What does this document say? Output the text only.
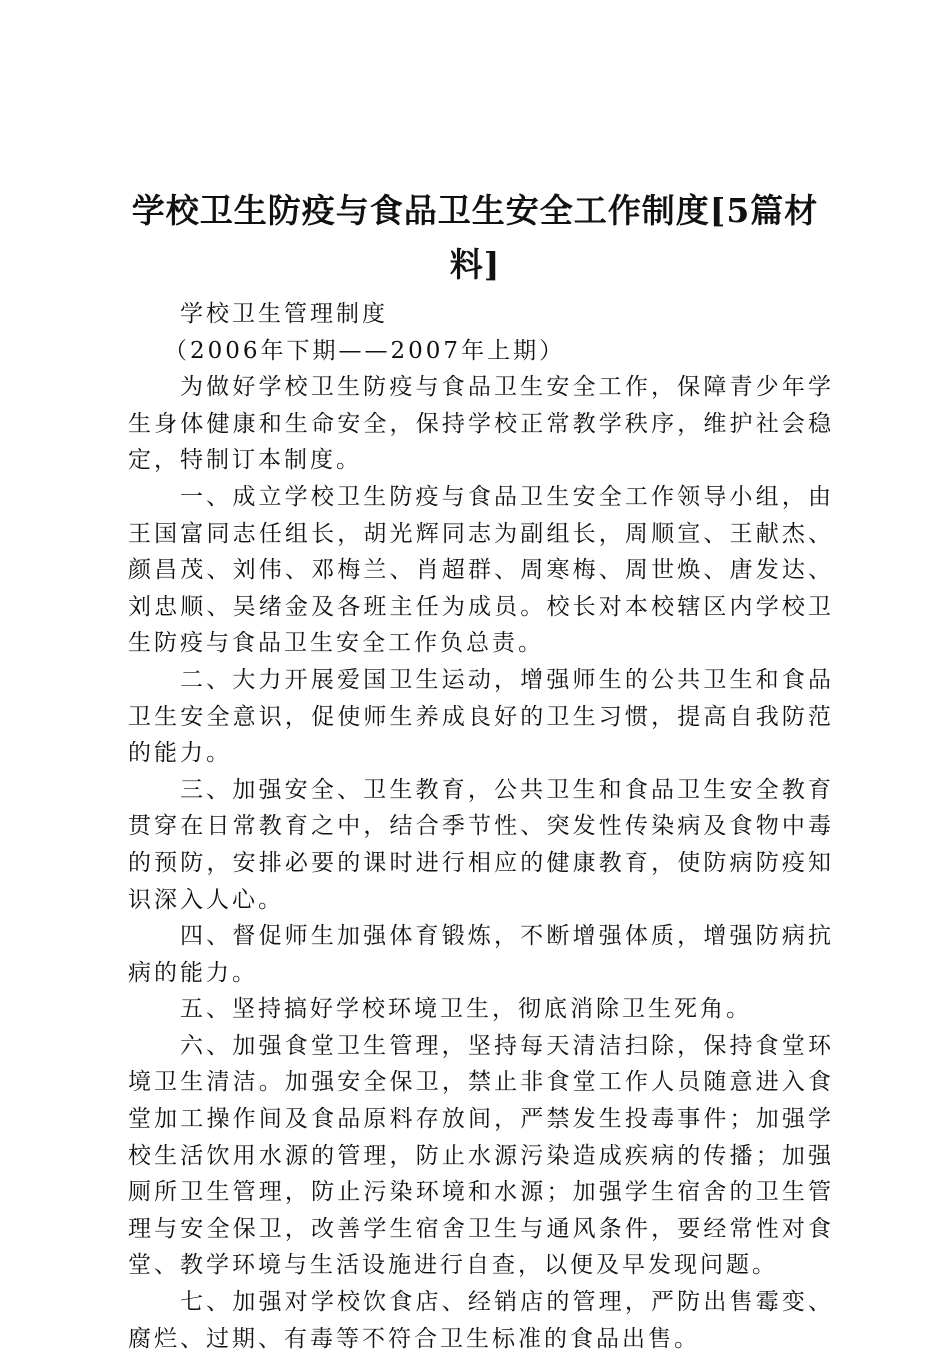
学校卫生防疫与食品卫生安全工作制度[5篇材料]

学校卫生管理制度

（2006年下期——2007年上期）

为做好学校卫生防疫与食品卫生安全工作，保障青少年学生身体健康和生命安全，保持学校正常教学秩序，维护社会稳定，特制订本制度。

一、成立学校卫生防疫与食品卫生安全工作领导小组，由王国富同志任组长，胡光辉同志为副组长，周顺宣、王献杰、颜昌茂、刘伟、邓梅兰、肖超群、周寒梅、周世焕、唐发达、刘忠顺、吴绪金及各班主任为成员。校长对本校辖区内学校卫生防疫与食品卫生安全工作负总责。

二、大力开展爱国卫生运动，增强师生的公共卫生和食品卫生安全意识，促使师生养成良好的卫生习惯，提高自我防范的能力。

三、加强安全、卫生教育，公共卫生和食品卫生安全教育贯穿在日常教育之中，结合季节性、突发性传染病及食物中毒的预防，安排必要的课时进行相应的健康教育，使防病防疫知识深入人心。

四、督促师生加强体育锻炼，不断增强体质，增强防病抗病的能力。

五、坚持搞好学校环境卫生，彻底消除卫生死角。

六、加强食堂卫生管理，坚持每天清洁扫除，保持食堂环境卫生清洁。加强安全保卫，禁止非食堂工作人员随意进入食堂加工操作间及食品原料存放间，严禁发生投毒事件；加强学校生活饮用水源的管理，防止水源污染造成疾病的传播；加强厕所卫生管理，防止污染环境和水源；加强学生宿舍的卫生管理与安全保卫，改善学生宿舍卫生与通风条件，要经常性对食堂、教学环境与生活设施进行自查，以便及早发现问题。

七、加强对学校饮食店、经销店的管理，严防出售霉变、腐烂、过期、有毒等不符合卫生标准的食品出售。
